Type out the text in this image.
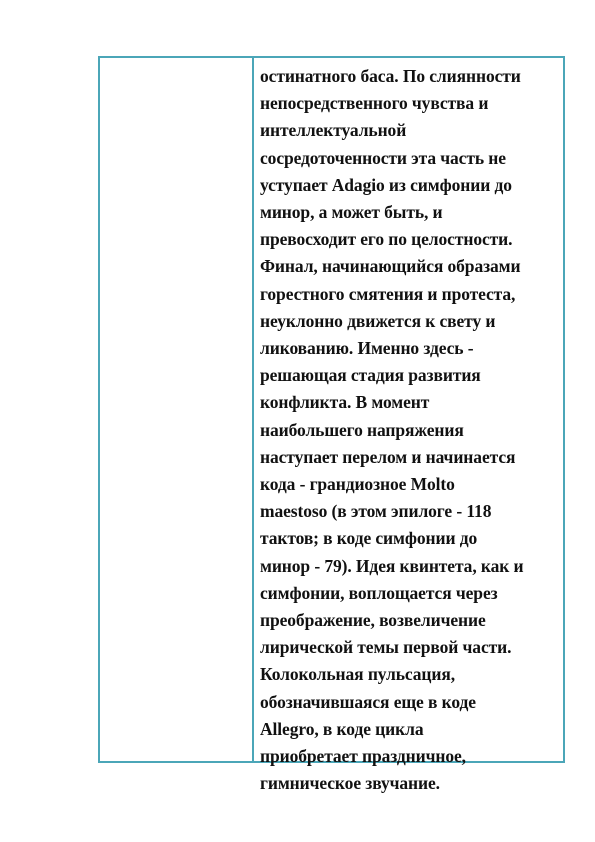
остинатного баса. По слиянности
непосредственного чувства и
интеллектуальной
сосредоточенности эта часть не
уступает Adagio из симфонии до
минор, а может быть, и
превосходит его по целостности.
Финал, начинающийся образами
горестного смятения и протеста,
неуклонно движется к свету и
ликованию. Именно здесь -
решающая стадия развития
конфликта. В момент
наибольшего напряжения
наступает перелом и начинается
кода - грандиозное Molto
maestoso (в этом эпилоге - 118
тактов; в коде симфонии до
минор - 79). Идея квинтета, как и
симфонии, воплощается через
преображение, возвеличение
лирической темы первой части.
Колокольная пульсация,
обозначившаяся еще в коде
Allegro, в коде цикла
приобретает праздничное,
гимническое звучание.
